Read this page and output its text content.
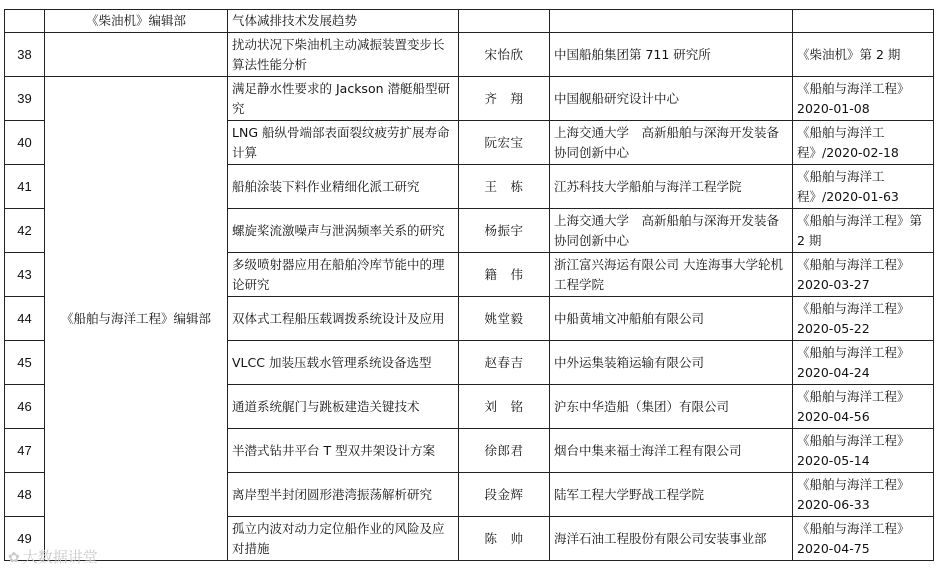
	《柴油机》编辑部	气体减排技术发展趋势			
38		扰动状况下柴油机主动减振装置变步长算法性能分析	宋怡欣	中国船舶集团第 711 研究所	《柴油机》第 2 期
39	《船舶与海洋工程》编辑部	满足静水性要求的 Jackson 潜艇船型研究	齐　翔	中国舰船研究设计中心	《船舶与海洋工程》2020-01-08
40		LNG 船纵骨端部表面裂纹疲劳扩展寿命计算	阮宏宝	上海交通大学　高新船舶与深海开发装备协同创新中心	《船舶与海洋工程》/2020-02-18
41		船舶涂装下料作业精细化派工研究	王　栋	江苏科技大学船舶与海洋工程学院	《船舶与海洋工程》/2020-01-63
42		螺旋桨流激噪声与泄涡频率关系的研究	杨振宇	上海交通大学　高新船舶与深海开发装备协同创新中心	《船舶与海洋工程》第 2 期
43		多级喷射器应用在船舶冷库节能中的理论研究	籍　伟	浙江富兴海运有限公司 大连海事大学轮机工程学院	《船舶与海洋工程》2020-03-27
44		双体式工程船压载调拨系统设计及应用	姚堂毅	中船黄埔文冲船舶有限公司	《船舶与海洋工程》2020-05-22
45		VLCC 加装压载水管理系统设备选型	赵春吉	中外运集装箱运输有限公司	《船舶与海洋工程》2020-04-24
46		通道系统艉门与跳板建造关键技术	刘　铭	沪东中华造船（集团）有限公司	《船舶与海洋工程》2020-04-56
47		半潜式钻井平台 T 型双井架设计方案	徐郎君	烟台中集来福士海洋工程有限公司	《船舶与海洋工程》2020-05-14
48		离岸型半封闭圆形港湾振荡解析研究	段金辉	陆军工程大学野战工程学院	《船舶与海洋工程》2020-06-33
49		孤立内波对动力定位船作业的风险及应对措施	陈　帅	海洋石油工程股份有限公司安装事业部	《船舶与海洋工程》2020-04-75
✿ 大数据讲堂
